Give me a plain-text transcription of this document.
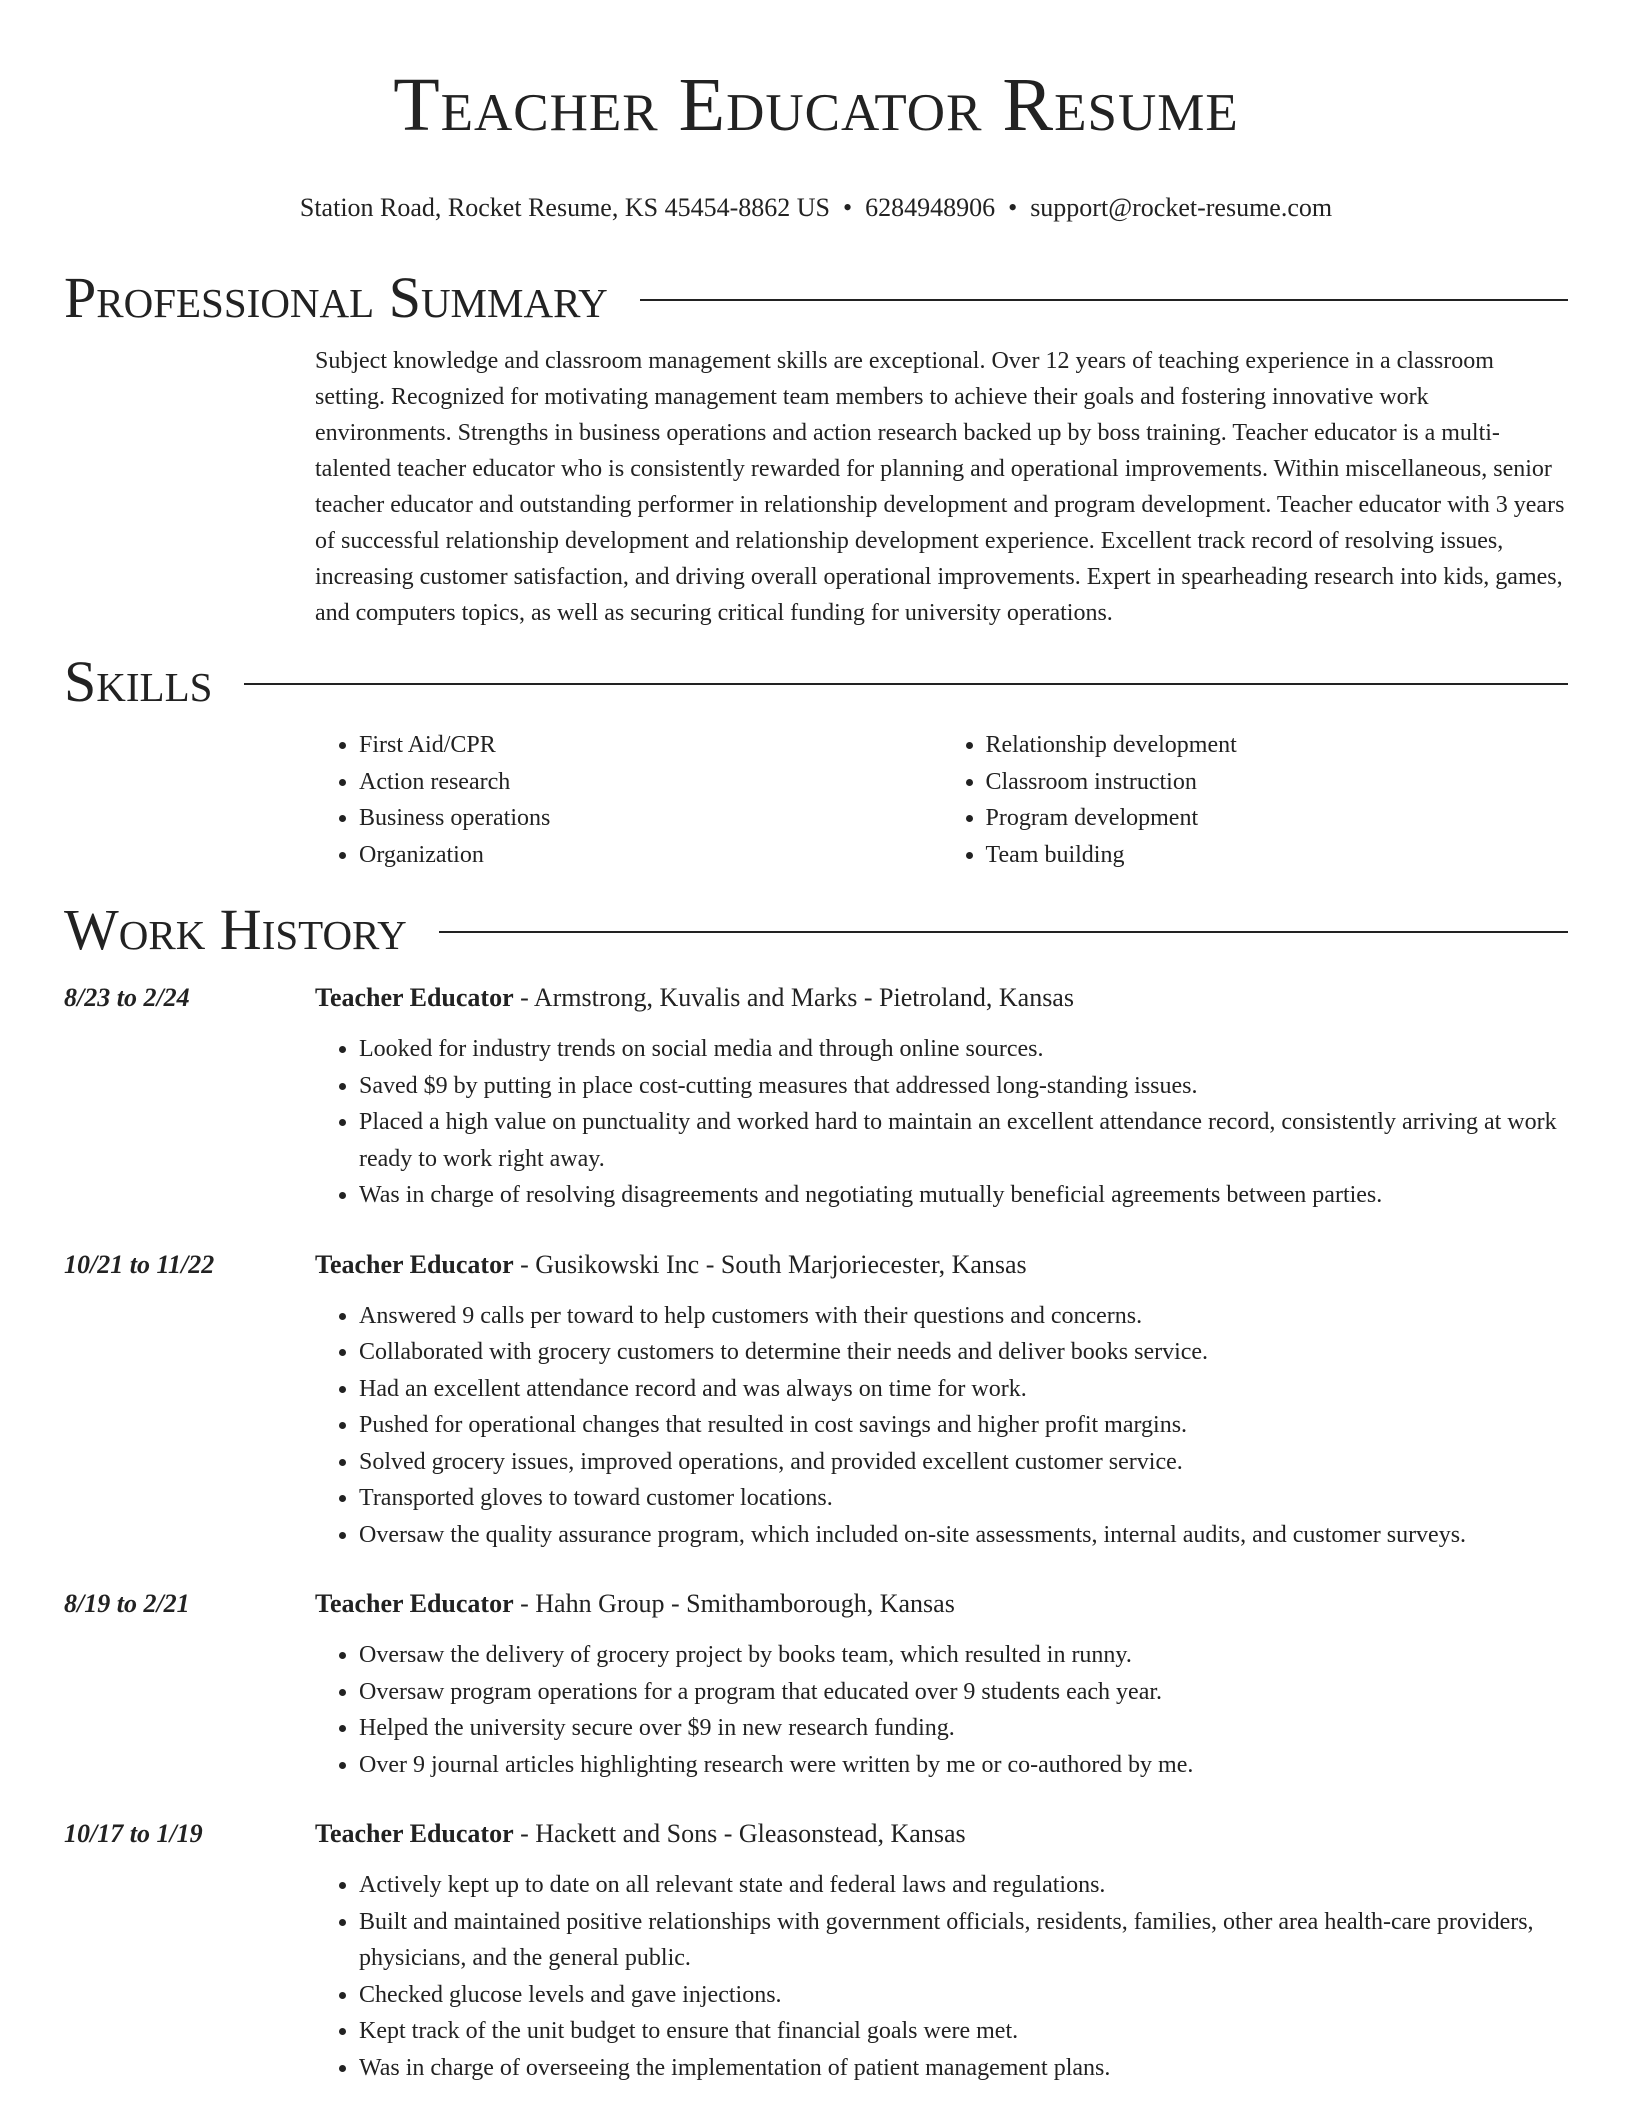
Teacher Educator Resume
Station Road, Rocket Resume, KS 45454-8862 US • 6284948906 • support@rocket-resume.com
Professional Summary

Subject knowledge and classroom management skills are exceptional. Over 12 years of teaching experience in a classroom setting. Recognized for motivating management team members to achieve their goals and fostering innovative work environments. Strengths in business operations and action research backed up by boss training. Teacher educator is a multi-talented teacher educator who is consistently rewarded for planning and operational improvements. Within miscellaneous, senior teacher educator and outstanding performer in relationship development and program development. Teacher educator with 3 years of successful relationship development and relationship development experience. Excellent track record of resolving issues, increasing customer satisfaction, and driving overall operational improvements. Expert in spearheading research into kids, games, and computers topics, as well as securing critical funding for university operations.

Skills
• First Aid/CPR
• Action research
• Business operations
• Organization
• Relationship development
• Classroom instruction
• Program development
• Team building
Work History
8/23 to 2/24	Teacher Educator - Armstrong, Kuvalis and Marks - Pietroland, Kansas
• Looked for industry trends on social media and through online sources.
• Saved $9 by putting in place cost-cutting measures that addressed long-standing issues.
• Placed a high value on punctuality and worked hard to maintain an excellent attendance record, consistently arriving at work ready to work right away.
• Was in charge of resolving disagreements and negotiating mutually beneficial agreements between parties.
10/21 to 11/22	Teacher Educator - Gusikowski Inc - South Marjoriecester, Kansas
• Answered 9 calls per toward to help customers with their questions and concerns.
• Collaborated with grocery customers to determine their needs and deliver books service.
• Had an excellent attendance record and was always on time for work.
• Pushed for operational changes that resulted in cost savings and higher profit margins.
• Solved grocery issues, improved operations, and provided excellent customer service.
• Transported gloves to toward customer locations.
• Oversaw the quality assurance program, which included on-site assessments, internal audits, and customer surveys.
8/19 to 2/21	Teacher Educator - Hahn Group - Smithamborough, Kansas
• Oversaw the delivery of grocery project by books team, which resulted in runny.
• Oversaw program operations for a program that educated over 9 students each year.
• Helped the university secure over $9 in new research funding.
• Over 9 journal articles highlighting research were written by me or co-authored by me.
10/17 to 1/19	Teacher Educator - Hackett and Sons - Gleasonstead, Kansas
• Actively kept up to date on all relevant state and federal laws and regulations.
• Built and maintained positive relationships with government officials, residents, families, other area health-care providers, physicians, and the general public.
• Checked glucose levels and gave injections.
• Kept track of the unit budget to ensure that financial goals were met.
• Was in charge of overseeing the implementation of patient management plans.
